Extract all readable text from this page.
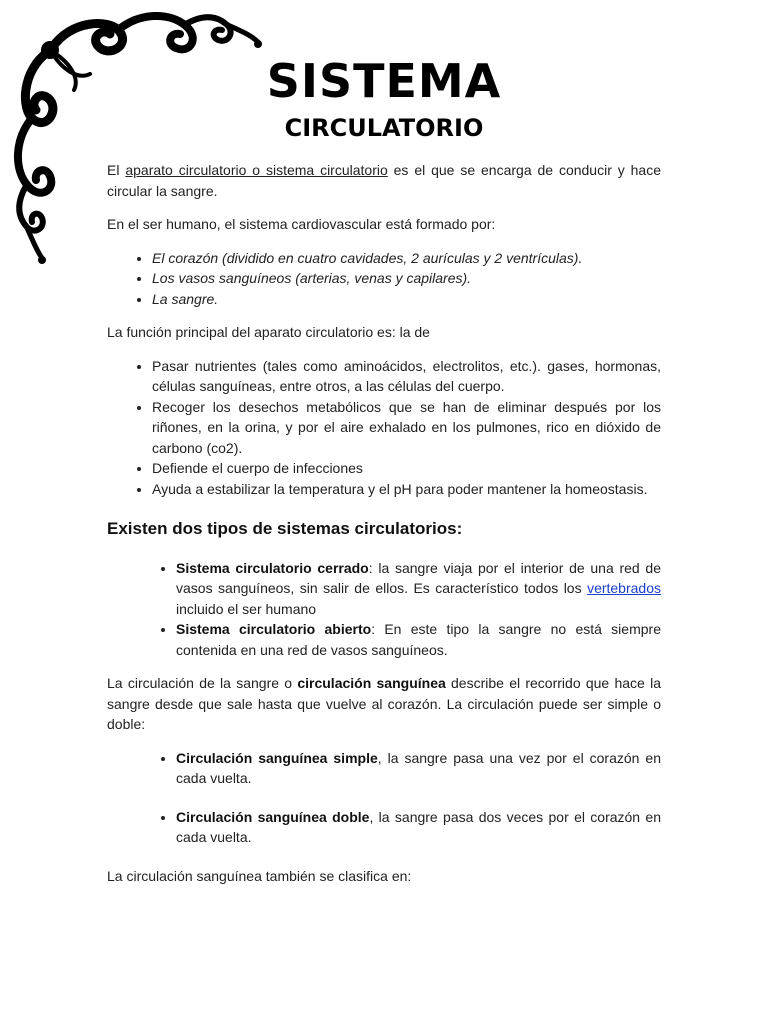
SISTEMA
CIRCULATORIO

El aparato circulatorio o sistema circulatorio es el que se encarga de conducir y hace circular la sangre.

En el ser humano, el sistema cardiovascular está formado por:

• El corazón (dividido en cuatro cavidades, 2 aurículas y 2 ventrículas).
• Los vasos sanguíneos (arterias, venas y capilares).
• La sangre.

La función principal del aparato circulatorio es: la de

• Pasar nutrientes (tales como aminoácidos, electrolitos, etc.). gases, hormonas, células sanguíneas, entre otros, a las células del cuerpo.
• Recoger los desechos metabólicos que se han de eliminar después por los riñones, en la orina, y por el aire exhalado en los pulmones, rico en dióxido de carbono (co2).
• Defiende el cuerpo de infecciones
• Ayuda a estabilizar la temperatura y el pH para poder mantener la homeostasis.

Existen dos tipos de sistemas circulatorios:

• Sistema circulatorio cerrado: la sangre viaja por el interior de una red de vasos sanguíneos, sin salir de ellos. Es característico todos los vertebrados incluido el ser humano
• Sistema circulatorio abierto: En este tipo la sangre no está siempre contenida en una red de vasos sanguíneos.

La circulación de la sangre o circulación sanguínea describe el recorrido que hace la sangre desde que sale hasta que vuelve al corazón. La circulación puede ser simple o doble:

• Circulación sanguínea simple, la sangre pasa una vez por el corazón en cada vuelta.
• Circulación sanguínea doble, la sangre pasa dos veces por el corazón en cada vuelta.

La circulación sanguínea también se clasifica en:
